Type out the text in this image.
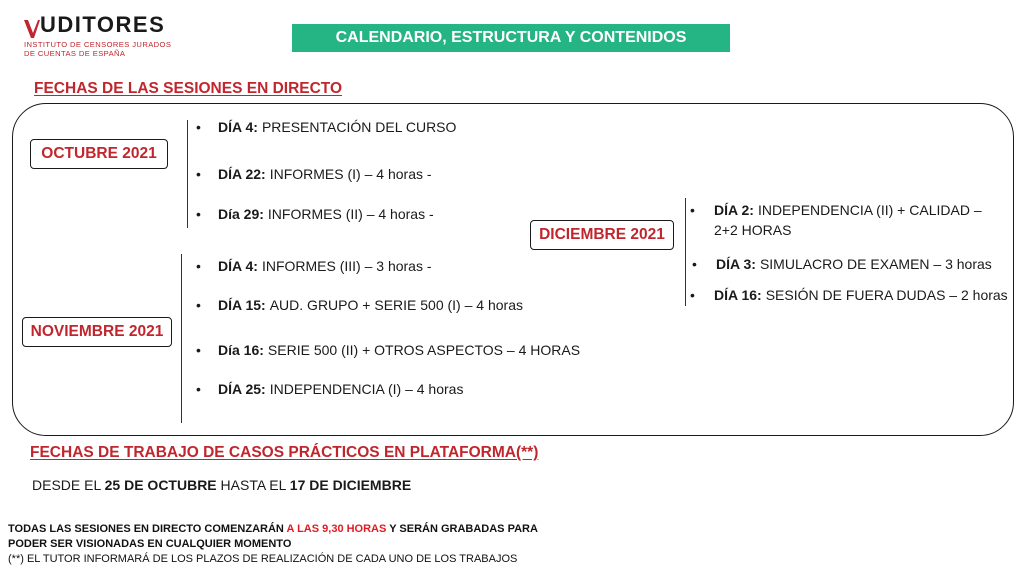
UDITORES
INSTITUTO DE CENSORES JURADOS
DE CUENTAS DE ESPAÑA
CALENDARIO, ESTRUCTURA Y CONTENIDOS
FECHAS DE LAS SESIONES EN DIRECTO
OCTUBRE 2021
•	DÍA 4: PRESENTACIÓN DEL CURSO
•	DÍA 22: INFORMES (I) – 4 horas -
•	Día 29: INFORMES (II) – 4 horas -
NOVIEMBRE 2021
•	DÍA 4: INFORMES (III) – 3 horas -
•	DÍA 15: AUD. GRUPO + SERIE 500 (I) – 4 horas
•	Día 16: SERIE 500 (II) + OTROS ASPECTOS – 4 HORAS
•	DÍA 25: INDEPENDENCIA (I) – 4 horas
DICIEMBRE 2021
•	DÍA 2: INDEPENDENCIA (II) + CALIDAD –
2+2 HORAS
•	DÍA 3: SIMULACRO DE EXAMEN – 3 horas
•	DÍA 16: SESIÓN DE FUERA DUDAS – 2 horas
FECHAS DE TRABAJO DE CASOS PRÁCTICOS EN PLATAFORMA(**)
DESDE EL 25 DE OCTUBRE HASTA EL 17 DE DICIEMBRE
TODAS LAS SESIONES EN DIRECTO COMENZARÁN A LAS 9,30 HORAS Y SERÁN GRABADAS PARA
PODER SER VISIONADAS EN CUALQUIER MOMENTO
(**) EL TUTOR INFORMARÁ DE LOS PLAZOS DE REALIZACIÓN DE CADA UNO DE LOS TRABAJOS
